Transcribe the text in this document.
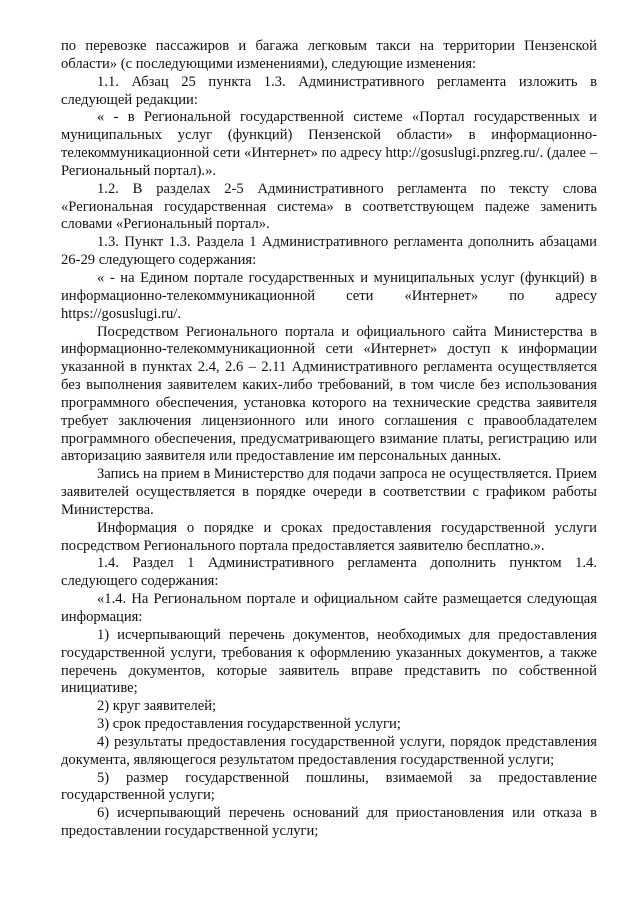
по перевозке пассажиров и багажа легковым такси на территории Пензенской области» (с последующими изменениями), следующие изменения:

1.1. Абзац 25 пункта 1.3. Административного регламента изложить в следующей редакции:

« - в Региональной государственной системе «Портал государственных и муниципальных услуг (функций) Пензенской области» в информационно-телекоммуникационной сети «Интернет» по адресу http://gosuslugi.pnzreg.ru/. (далее – Региональный портал).».

1.2. В разделах 2-5 Административного регламента по тексту слова «Региональная государственная система» в соответствующем падеже заменить словами «Региональный портал».

1.3. Пункт 1.3. Раздела 1 Административного регламента дополнить абзацами 26-29 следующего содержания:

« - на Едином портале государственных и муниципальных услуг (функций) в информационно-телекоммуникационной сети «Интернет» по адресу https://gosuslugi.ru/.

Посредством Регионального портала и официального сайта Министерства в информационно-телекоммуникационной сети «Интернет» доступ к информации указанной в пунктах 2.4, 2.6 – 2.11 Административного регламента осуществляется без выполнения заявителем каких-либо требований, в том числе без использования программного обеспечения, установка которого на технические средства заявителя требует заключения лицензионного или иного соглашения с правообладателем программного обеспечения, предусматривающего взимание платы, регистрацию или авторизацию заявителя или предоставление им персональных данных.

Запись на прием в Министерство для подачи запроса не осуществляется. Прием заявителей осуществляется в порядке очереди в соответствии с графиком работы Министерства.

Информация о порядке и сроках предоставления государственной услуги посредством Регионального портала предоставляется заявителю бесплатно.».

1.4. Раздел 1 Административного регламента дополнить пунктом 1.4. следующего содержания:

«1.4. На Региональном портале и официальном сайте размещается следующая информация:

1) исчерпывающий перечень документов, необходимых для предоставления государственной услуги, требования к оформлению указанных документов, а также перечень документов, которые заявитель вправе представить по собственной инициативе;

2) круг заявителей;

3) срок предоставления государственной услуги;

4) результаты предоставления государственной услуги, порядок представления документа, являющегося результатом предоставления государственной услуги;

5) размер государственной пошлины, взимаемой за предоставление государственной услуги;

6) исчерпывающий перечень оснований для приостановления или отказа в предоставлении государственной услуги;
